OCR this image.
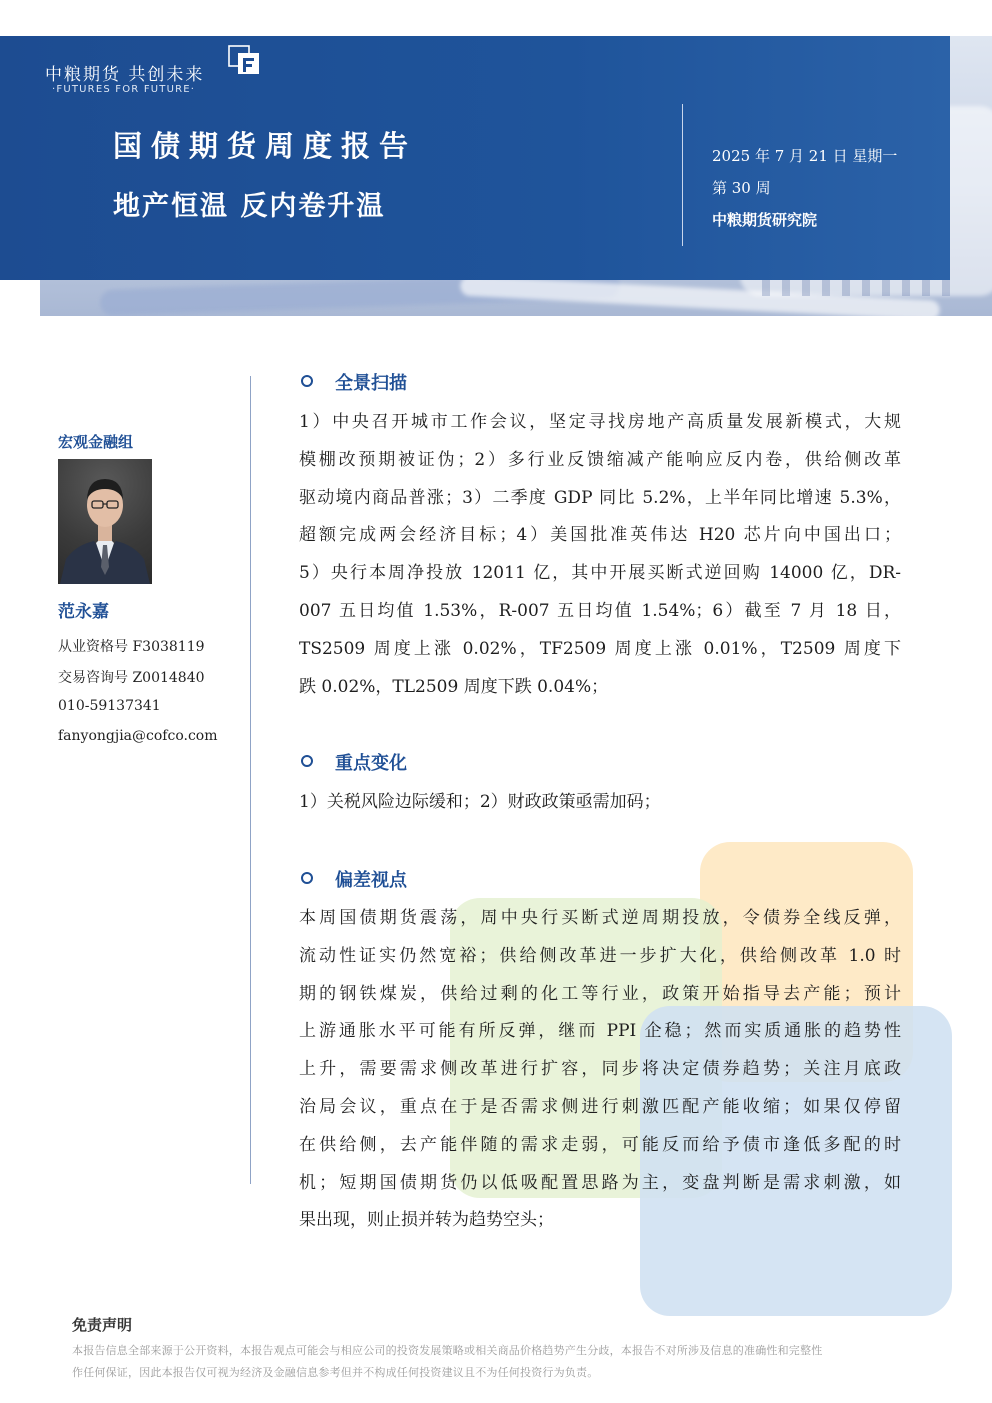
中粮期货 共创未来
·FUTURES FOR FUTURE·
国债期货周度报告
地产恒温 反内卷升温
2025 年 7 月 21 日 星期一
第 30 周
中粮期货研究院
宏观金融组
范永嘉
从业资格号 F3038119
交易咨询号 Z0014840
010-59137341
fanyongjia@cofco.com
全景扫描
1）中央召开城市工作会议，坚定寻找房地产高质量发展新模式，大规
模棚改预期被证伪；2）多行业反馈缩减产能响应反内卷，供给侧改革
驱动境内商品普涨；3）二季度 GDP 同比 5.2%，上半年同比增速 5.3%，
超额完成两会经济目标；4）美国批准英伟达 H20 芯片向中国出口；
5）央行本周净投放 12011 亿，其中开展买断式逆回购 14000 亿，DR-
007 五日均值 1.53%，R-007 五日均值 1.54%；6）截至 7 月 18 日，
TS2509 周度上涨 0.02%，TF2509 周度上涨 0.01%，T2509 周度下
跌 0.02%，TL2509 周度下跌 0.04%；
重点变化
1）关税风险边际缓和；2）财政政策亟需加码；
偏差视点
本周国债期货震荡，周中央行买断式逆周期投放，令债券全线反弹，
流动性证实仍然宽裕；供给侧改革进一步扩大化，供给侧改革 1.0 时
期的钢铁煤炭，供给过剩的化工等行业，政策开始指导去产能；预计
上游通胀水平可能有所反弹，继而 PPI 企稳；然而实质通胀的趋势性
上升，需要需求侧改革进行扩容，同步将决定债券趋势；关注月底政
治局会议，重点在于是否需求侧进行刺激匹配产能收缩；如果仅停留
在供给侧，去产能伴随的需求走弱，可能反而给予债市逢低多配的时
机；短期国债期货仍以低吸配置思路为主，变盘判断是需求刺激，如
果出现，则止损并转为趋势空头；
免责声明
本报告信息全部来源于公开资料，本报告观点可能会与相应公司的投资发展策略或相关商品价格趋势产生分歧，本报告不对所涉及信息的准确性和完整性
作任何保证，因此本报告仅可视为经济及金融信息参考但并不构成任何投资建议且不为任何投资行为负责。
